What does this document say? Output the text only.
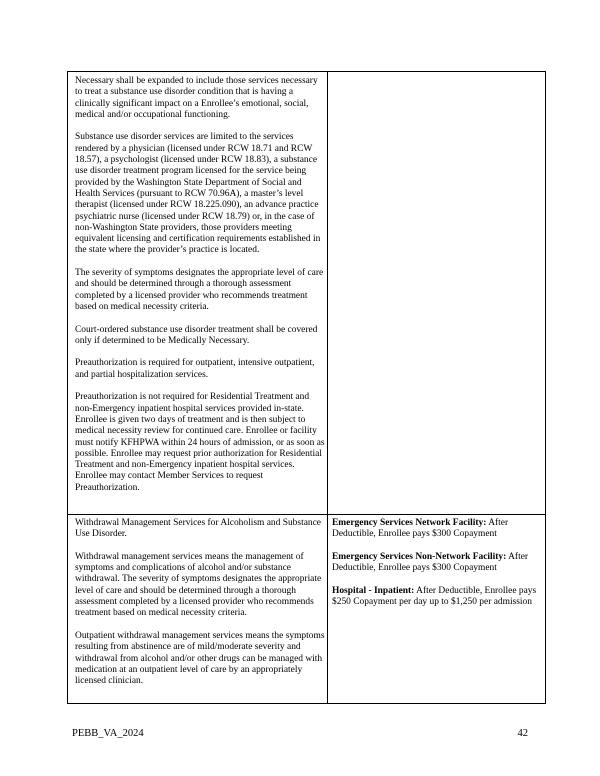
Necessary shall be expanded to include those services necessary to treat a substance use disorder condition that is having a clinically significant impact on a Enrollee’s emotional, social, medical and/or occupational functioning.

Substance use disorder services are limited to the services rendered by a physician (licensed under RCW 18.71 and RCW 18.57), a psychologist (licensed under RCW 18.83), a substance use disorder treatment program licensed for the service being provided by the Washington State Department of Social and Health Services (pursuant to RCW 70.96A), a master’s level therapist (licensed under RCW 18.225.090), an advance practice psychiatric nurse (licensed under RCW 18.79) or, in the case of non-Washington State providers, those providers meeting equivalent licensing and certification requirements established in the state where the provider’s practice is located.

The severity of symptoms designates the appropriate level of care and should be determined through a thorough assessment completed by a licensed provider who recommends treatment based on medical necessity criteria.

Court-ordered substance use disorder treatment shall be covered only if determined to be Medically Necessary.

Preauthorization is required for outpatient, intensive outpatient, and partial hospitalization services.

Preauthorization is not required for Residential Treatment and non-Emergency inpatient hospital services provided in-state. Enrollee is given two days of treatment and is then subject to medical necessity review for continued care. Enrollee or facility must notify KFHPWA within 24 hours of admission, or as soon as possible. Enrollee may request prior authorization for Residential Treatment and non-Emergency inpatient hospital services. Enrollee may contact Member Services to request Preauthorization.

Withdrawal Management Services for Alcoholism and Substance Use Disorder.

Withdrawal management services means the management of symptoms and complications of alcohol and/or substance withdrawal. The severity of symptoms designates the appropriate level of care and should be determined through a thorough assessment completed by a licensed provider who recommends treatment based on medical necessity criteria.

Outpatient withdrawal management services means the symptoms resulting from abstinence are of mild/moderate severity and withdrawal from alcohol and/or other drugs can be managed with medication at an outpatient level of care by an appropriately licensed clinician.

Emergency Services Network Facility: After Deductible, Enrollee pays $300 Copayment

Emergency Services Non-Network Facility: After Deductible, Enrollee pays $300 Copayment

Hospital - Inpatient: After Deductible, Enrollee pays $250 Copayment per day up to $1,250 per admission

PEBB_VA_2024	42
